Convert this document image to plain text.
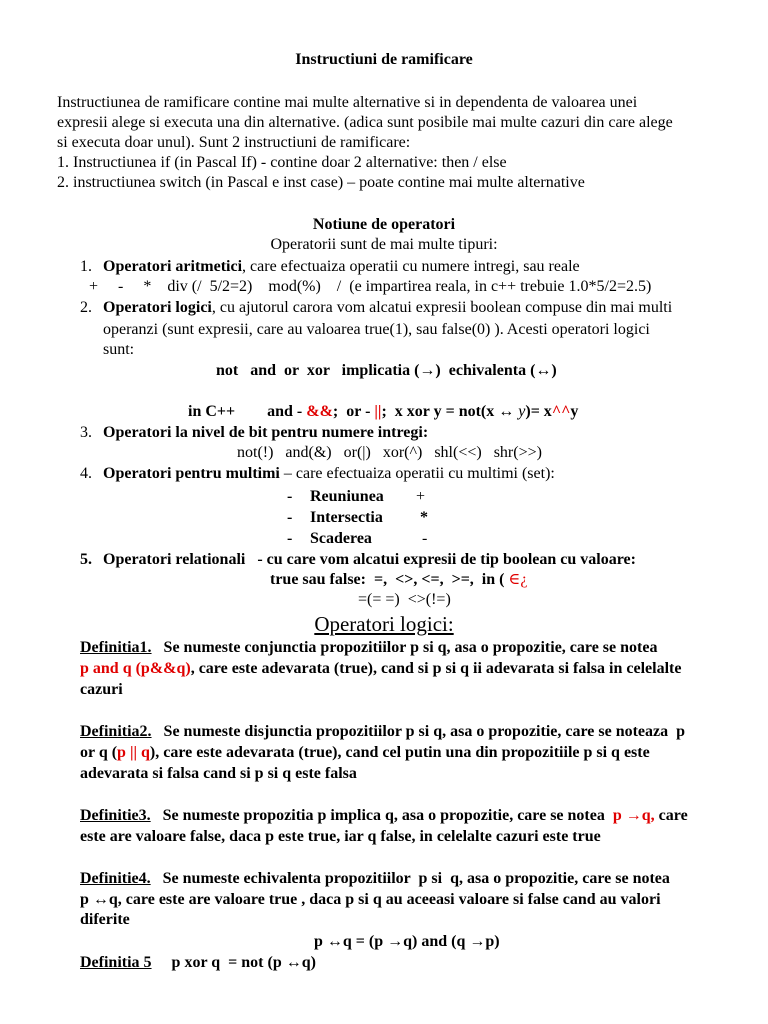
Instructiuni de ramificare
Instructiunea de ramificare contine mai multe alternative si in dependenta de valoarea unei
expresii alege si executa una din alternative. (adica sunt posibile mai multe cazuri din care alege
si executa doar unul). Sunt 2 instructiuni de ramificare:
1. Instructiunea if (in Pascal If) - contine doar 2 alternative: then / else
2. instructiunea switch (in Pascal e inst case) – poate contine mai multe alternative
Notiune de operatori
Operatorii sunt de mai multe tipuri:
1. Operatori aritmetici, care efectuaiza operatii cu numere intregi, sau reale
+     -     *    div (/  5/2=2)    mod(%)    /  (e impartirea reala, in c++ trebuie 1.0*5/2=2.5)
2. Operatori logici, cu ajutorul carora vom alcatui expresii boolean compuse din mai multi
operanzi (sunt expresii, care au valoarea true(1), sau false(0) ). Acesti operatori logici
sunt:
not   and  or  xor   implicatia (→)  echivalenta (↔)
in C++        and - &&;  or - ||;  x xor y = not(x ↔ y)= x^^y
3. Operatori la nivel de bit pentru numere intregi:
not(!)   and(&)   or(|)   xor(^)   shl(<<)   shr(>>)
4. Operatori pentru multimi – care efectuaiza operatii cu multimi (set):
- Reuniunea +
- Intersectia *
- Scaderea	-
5. Operatori relationali   - cu care vom alcatui expresii de tip boolean cu valoare:
true sau false:  =,  <>, <=,  >=,  in ( ∈¿
=(= =)  <>(!=)
Operatori logici:
Definitia1.   Se numeste conjunctia propozitiilor p si q, asa o propozitie, care se notea
p and q (p&&q), care este adevarata (true), cand si p si q ii adevarata si falsa in celelalte
cazuri
Definitia2.   Se numeste disjunctia propozitiilor p si q, asa o propozitie, care se noteaza  p
or q (p || q), care este adevarata (true), cand cel putin una din propozitiile p si q este
adevarata si falsa cand si p si q este falsa
Definitie3.   Se numeste propozitia p implica q, asa o propozitie, care se notea  p →q, care
este are valoare false, daca p este true, iar q false, in celelalte cazuri este true
Definitie4.   Se numeste echivalenta propozitiilor  p si  q, asa o propozitie, care se notea
p ↔q, care este are valoare true , daca p si q au aceeasi valoare si false cand au valori
diferite
p ↔q = (p →q) and (q →p)
Definitia 5     p xor q  = not (p ↔q)
